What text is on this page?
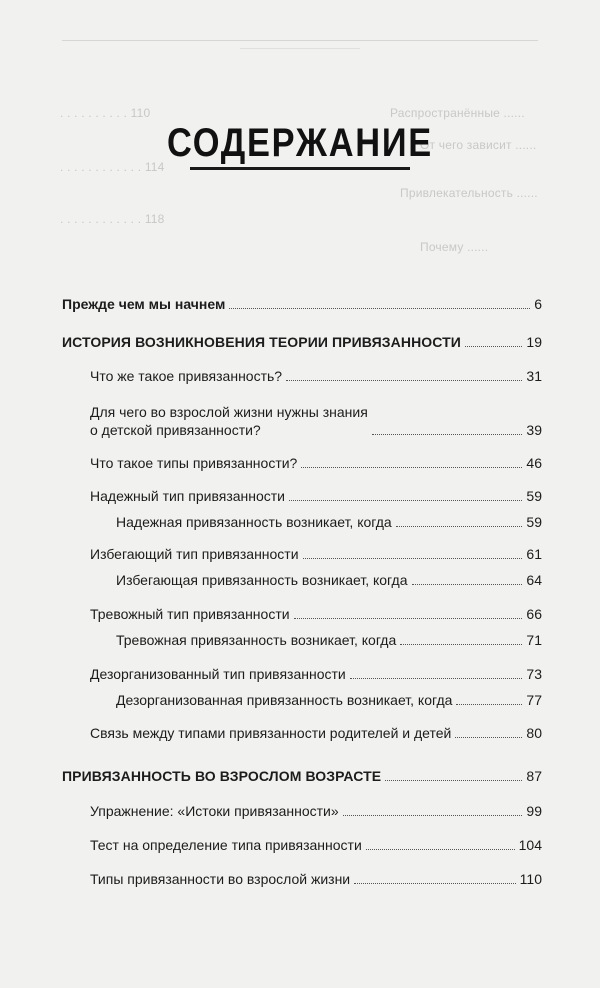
. . . . . . . . . . 110
. . . . . . . . . . . . 114
. . . . . . . . . . . . 118
Распространённые ......
От чего зависит ......
Привлекательность ......
Почему ......
СОДЕРЖАНИЕ
Прежде чем мы начнем	6
ИСТОРИЯ ВОЗНИКНОВЕНИЯ ТЕОРИИ ПРИВЯЗАННОСТИ	19
Что же такое привязанность?	31
Для чего во взрослой жизни нужны знания
о детской привязанности?	39
Что такое типы привязанности?	46
Надежный тип привязанности	59
Надежная привязанность возникает, когда	59
Избегающий тип привязанности	61
Избегающая привязанность возникает, когда	64
Тревожный тип привязанности	66
Тревожная привязанность возникает, когда	71
Дезорганизованный тип привязанности	73
Дезорганизованная привязанность возникает, когда	77
Связь между типами привязанности родителей и детей	80
ПРИВЯЗАННОСТЬ ВО ВЗРОСЛОМ ВОЗРАСТЕ	87
Упражнение: «Истоки привязанности»	99
Тест на определение типа привязанности	104
Типы привязанности во взрослой жизни	110
